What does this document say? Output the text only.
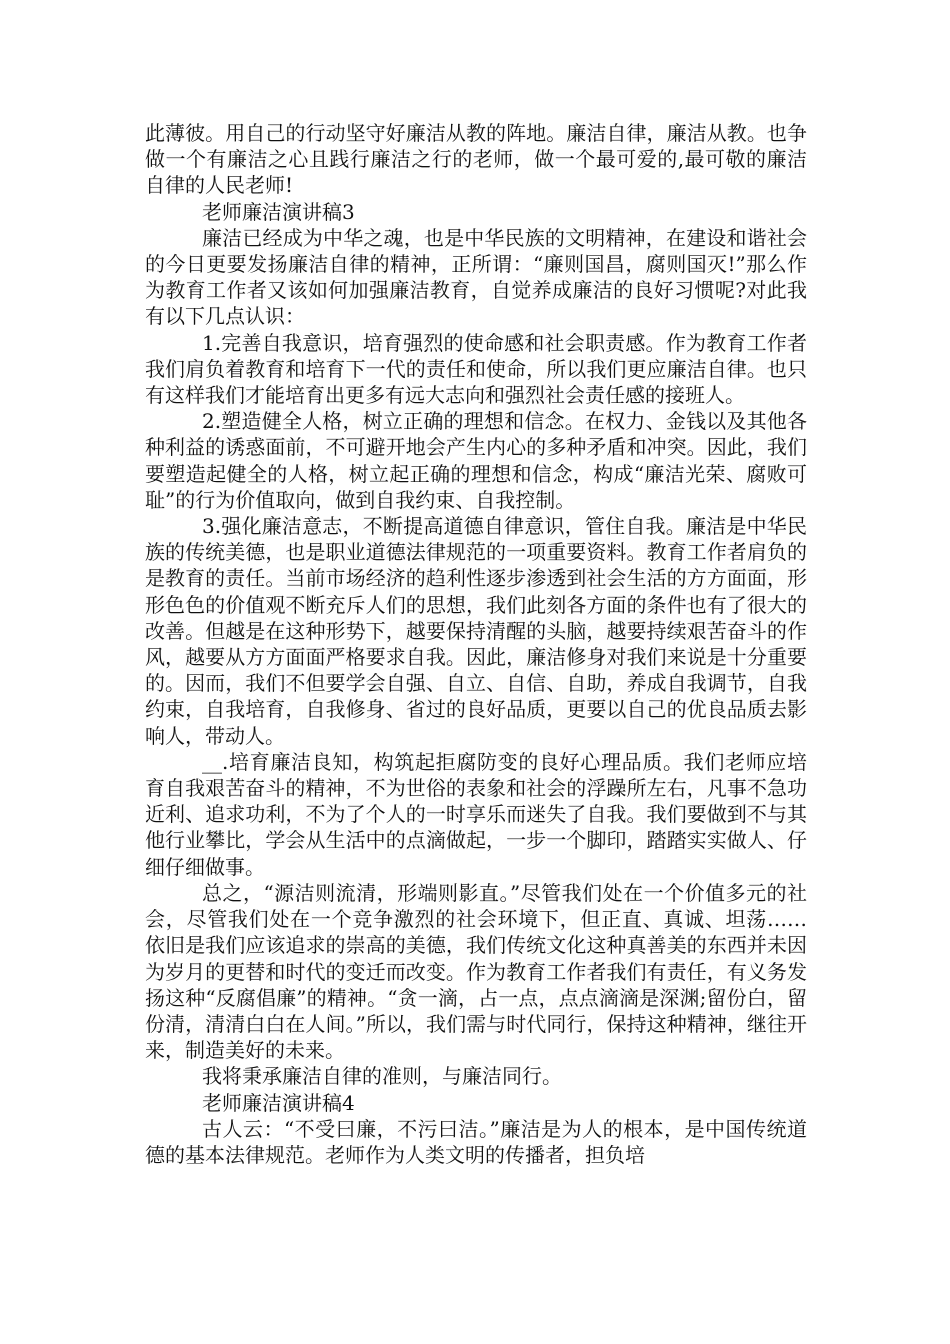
此薄彼。用自己的行动坚守好廉洁从教的阵地。廉洁自律，廉洁从教。也争做一个有廉洁之心且践行廉洁之行的老师，做一个最可爱的,最可敬的廉洁自律的人民老师!

老师廉洁演讲稿3

廉洁已经成为中华之魂，也是中华民族的文明精神，在建设和谐社会的今日更要发扬廉洁自律的精神，正所谓：“廉则国昌，腐则国灭!”那么作为教育工作者又该如何加强廉洁教育，自觉养成廉洁的良好习惯呢?对此我有以下几点认识：

1.完善自我意识，培育强烈的使命感和社会职责感。作为教育工作者我们肩负着教育和培育下一代的责任和使命，所以我们更应廉洁自律。也只有这样我们才能培育出更多有远大志向和强烈社会责任感的接班人。

2.塑造健全人格，树立正确的理想和信念。在权力、金钱以及其他各种利益的诱惑面前，不可避开地会产生内心的多种矛盾和冲突。因此，我们要塑造起健全的人格，树立起正确的理想和信念，构成“廉洁光荣、腐败可耻”的行为价值取向，做到自我约束、自我控制。

3.强化廉洁意志，不断提高道德自律意识，管住自我。廉洁是中华民族的传统美德，也是职业道德法律规范的一项重要资料。教育工作者肩负的是教育的责任。当前市场经济的趋利性逐步渗透到社会生活的方方面面，形形色色的价值观不断充斥人们的思想，我们此刻各方面的条件也有了很大的改善。但越是在这种形势下，越要保持清醒的头脑，越要持续艰苦奋斗的作风，越要从方方面面严格要求自我。因此，廉洁修身对我们来说是十分重要的。因而，我们不但要学会自强、自立、自信、自助，养成自我调节，自我约束，自我培育，自我修身、省过的良好品质，更要以自己的优良品质去影响人，带动人。

__.培育廉洁良知，构筑起拒腐防变的良好心理品质。我们老师应培育自我艰苦奋斗的精神，不为世俗的表象和社会的浮躁所左右，凡事不急功近利、追求功利，不为了个人的一时享乐而迷失了自我。我们要做到不与其他行业攀比，学会从生活中的点滴做起，一步一个脚印，踏踏实实做人、仔细仔细做事。

总之，“源洁则流清，形端则影直。”尽管我们处在一个价值多元的社会，尽管我们处在一个竞争激烈的社会环境下，但正直、真诚、坦荡…… 依旧是我们应该追求的崇高的美德，我们传统文化这种真善美的东西并未因为岁月的更替和时代的变迁而改变。作为教育工作者我们有责任，有义务发扬这种“反腐倡廉”的精神。“贪一滴，占一点，点点滴滴是深渊;留份白，留份清，清清白白在人间。”所以，我们需与时代同行，保持这种精神，继往开来，制造美好的未来。

我将秉承廉洁自律的准则，与廉洁同行。

老师廉洁演讲稿4

古人云：“不受曰廉，不污曰洁。”廉洁是为人的根本，是中国传统道德的基本法律规范。老师作为人类文明的传播者，担负培
